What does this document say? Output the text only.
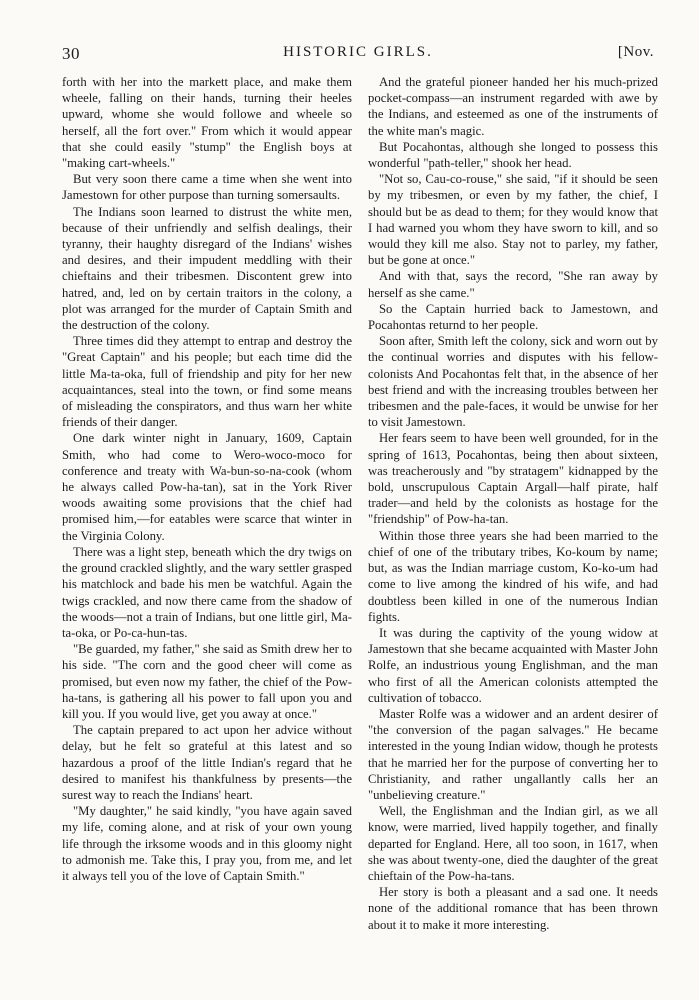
HISTORIC GIRLS.
30	[Nov.

forth with her into the markett place, and make them wheele, falling on their hands, turning their heeles upward, whome she would followe and wheele so herself, all the fort over." From which it would appear that she could easily "stump" the English boys at "making cart-wheels."

But very soon there came a time when she went into Jamestown for other purpose than turning somersaults.

The Indians soon learned to distrust the white men, because of their unfriendly and selfish dealings, their tyranny, their haughty disregard of the Indians' wishes and desires, and their impudent meddling with their chieftains and their tribesmen. Discontent grew into hatred, and, led on by certain traitors in the colony, a plot was arranged for the murder of Captain Smith and the destruction of the colony.

Three times did they attempt to entrap and destroy the "Great Captain" and his people; but each time did the little Ma-ta-oka, full of friendship and pity for her new acquaintances, steal into the town, or find some means of misleading the conspirators, and thus warn her white friends of their danger.

One dark winter night in January, 1609, Captain Smith, who had come to Wero-woco-moco for conference and treaty with Wa-bun-so-na-cook (whom he always called Pow-ha-tan), sat in the York River woods awaiting some provisions that the chief had promised him,—for eatables were scarce that winter in the Virginia Colony.

There was a light step, beneath which the dry twigs on the ground crackled slightly, and the wary settler grasped his matchlock and bade his men be watchful. Again the twigs crackled, and now there came from the shadow of the woods—not a train of Indians, but one little girl, Ma-ta-oka, or Po-ca-hun-tas.

"Be guarded, my father," she said as Smith drew her to his side. "The corn and the good cheer will come as promised, but even now my father, the chief of the Pow-ha-tans, is gathering all his power to fall upon you and kill you. If you would live, get you away at once."

The captain prepared to act upon her advice without delay, but he felt so grateful at this latest and so hazardous a proof of the little Indian's regard that he desired to manifest his thankfulness by presents—the surest way to reach the Indians' heart.

"My daughter," he said kindly, "you have again saved my life, coming alone, and at risk of your own young life through the irksome woods and in this gloomy night to admonish me. Take this, I pray you, from me, and let it always tell you of the love of Captain Smith."

And the grateful pioneer handed her his much-prized pocket-compass—an instrument regarded with awe by the Indians, and esteemed as one of the instruments of the white man's magic.

But Pocahontas, although she longed to possess this wonderful "path-teller," shook her head.

"Not so, Cau-co-rouse," she said, "if it should be seen by my tribesmen, or even by my father, the chief, I should but be as dead to them; for they would know that I had warned you whom they have sworn to kill, and so would they kill me also. Stay not to parley, my father, but be gone at once."

And with that, says the record, "She ran away by herself as she came."

So the Captain hurried back to Jamestown, and Pocahontas returnd to her people.

Soon after, Smith left the colony, sick and worn out by the continual worries and disputes with his fellow-colonists And Pocahontas felt that, in the absence of her best friend and with the increasing troubles between her tribesmen and the pale-faces, it would be unwise for her to visit Jamestown.

Her fears seem to have been well grounded, for in the spring of 1613, Pocahontas, being then about sixteen, was treacherously and "by stratagem" kidnapped by the bold, unscrupulous Captain Argall—half pirate, half trader—and held by the colonists as hostage for the "friendship" of Pow-ha-tan.

Within those three years she had been married to the chief of one of the tributary tribes, Ko-koum by name; but, as was the Indian marriage custom, Ko-ko-um had come to live among the kindred of his wife, and had doubtless been killed in one of the numerous Indian fights.

It was during the captivity of the young widow at Jamestown that she became acquainted with Master John Rolfe, an industrious young Englishman, and the man who first of all the American colonists attempted the cultivation of tobacco.

Master Rolfe was a widower and an ardent desirer of "the conversion of the pagan salvages." He became interested in the young Indian widow, though he protests that he married her for the purpose of converting her to Christianity, and rather ungallantly calls her an "unbelieving creature."

Well, the Englishman and the Indian girl, as we all know, were married, lived happily together, and finally departed for England. Here, all too soon, in 1617, when she was about twenty-one, died the daughter of the great chieftain of the Pow-ha-tans.

Her story is both a pleasant and a sad one. It needs none of the additional romance that has been thrown about it to make it more interesting.
